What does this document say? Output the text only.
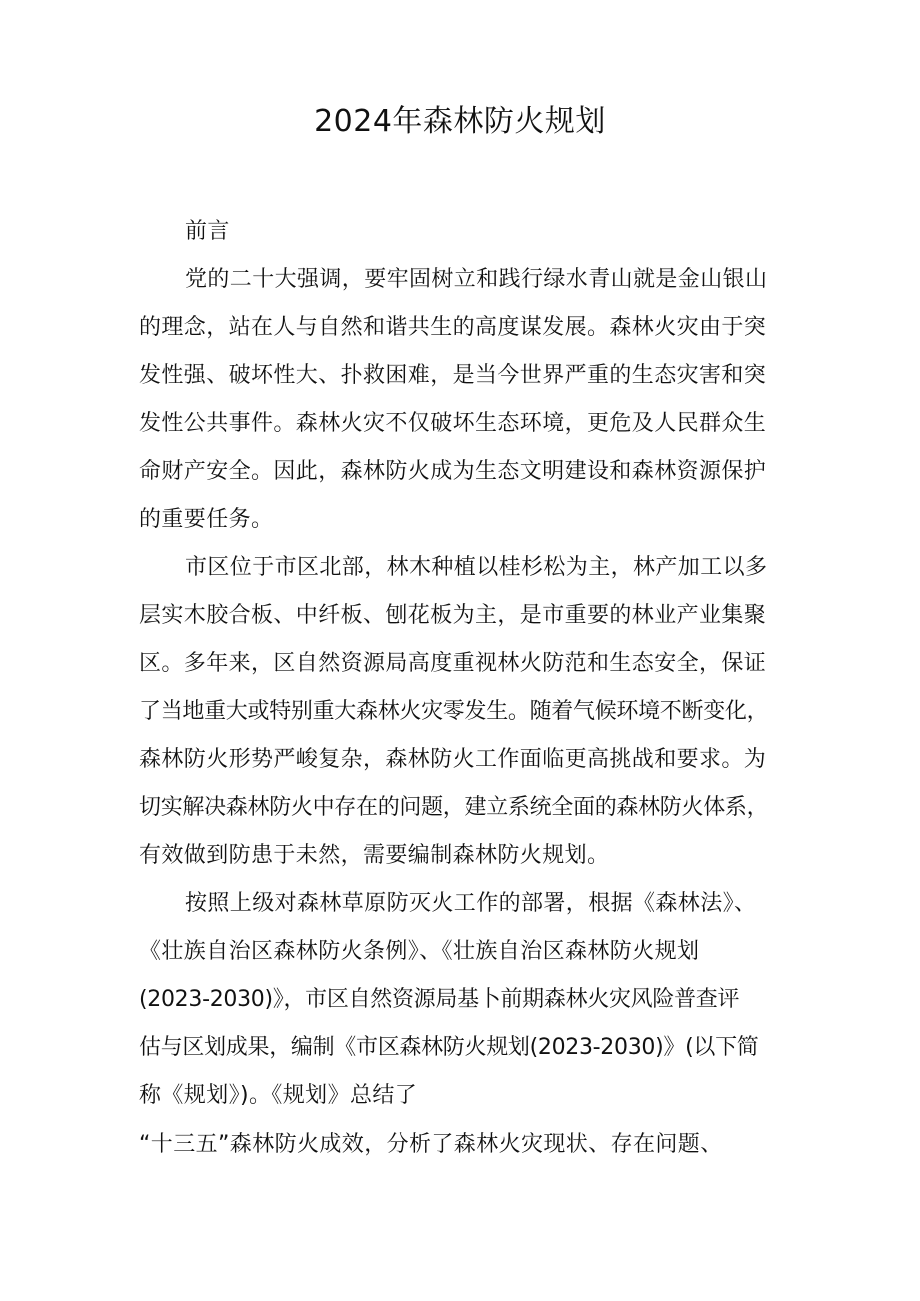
2024年森林防火规划
前言
党的二十大强调，要牢固树立和践行绿水青山就是金山银山
的理念，站在人与自然和谐共生的高度谋发展。森林火灾由于突
发性强、破坏性大、扑救困难，是当今世界严重的生态灾害和突
发性公共事件。森林火灾不仅破坏生态环境，更危及人民群众生
命财产安全。因此，森林防火成为生态文明建设和森林资源保护
的重要任务。
市区位于市区北部，林木种植以桂杉松为主，林产加工以多
层实木胶合板、中纤板、刨花板为主，是市重要的林业产业集聚
区。多年来，区自然资源局高度重视林火防范和生态安全，保证
了当地重大或特别重大森林火灾零发生。随着气候环境不断变化，
森林防火形势严峻复杂，森林防火工作面临更高挑战和要求。为
切实解决森林防火中存在的问题，建立系统全面的森林防火体系，
有效做到防患于未然，需要编制森林防火规划。
按照上级对森林草原防灭火工作的部署，根据《森林法》、
《壮族自治区森林防火条例》、《壮族自治区森林防火规划
(2023-2030)》，市区自然资源局基卜前期森林火灾风险普查评
估与区划成果，编制《市区森林防火规划(2023-2030)》(以下简
称《规划》)。《规划》总结了
“十三五”森林防火成效，分析了森林火灾现状、存在问题、
